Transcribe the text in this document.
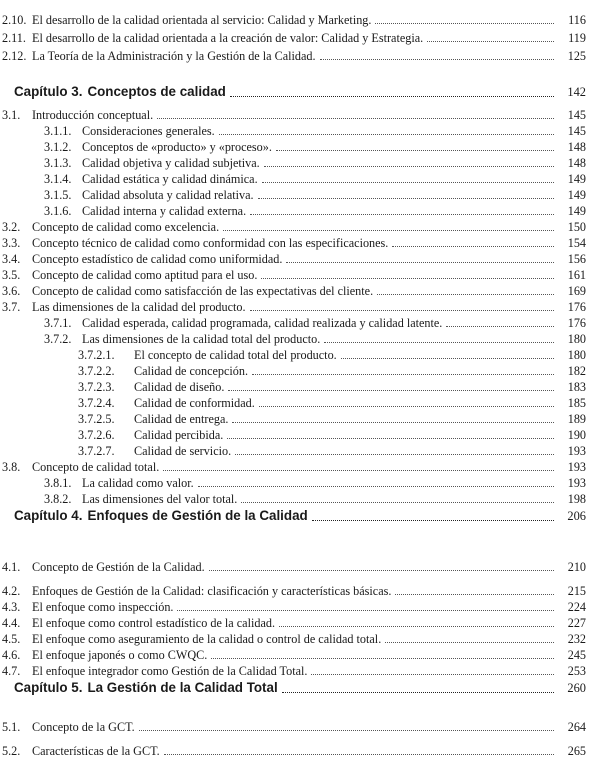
2.10. El desarrollo de la calidad orientada al servicio: Calidad y Marketing.	116
2.11. El desarrollo de la calidad orientada a la creación de valor: Calidad y Estrategia.	119
2.12. La Teoría de la Administración y la Gestión de la Calidad.	125
Capítulo 3. Conceptos de calidad	142
3.1. Introducción conceptual.	145
3.1.1. Consideraciones generales.	145
3.1.2. Conceptos de «producto» y «proceso».	148
3.1.3. Calidad objetiva y calidad subjetiva.	148
3.1.4. Calidad estática y calidad dinámica.	149
3.1.5. Calidad absoluta y calidad relativa.	149
3.1.6. Calidad interna y calidad externa.	149
3.2. Concepto de calidad como excelencia.	150
3.3. Concepto técnico de calidad como conformidad con las especificaciones.	154
3.4. Concepto estadístico de calidad como uniformidad.	156
3.5. Concepto de calidad como aptitud para el uso.	161
3.6. Concepto de calidad como satisfacción de las expectativas del cliente.	169
3.7. Las dimensiones de la calidad del producto.	176
3.7.1. Calidad esperada, calidad programada, calidad realizada y calidad latente.	176
3.7.2. Las dimensiones de la calidad total del producto.	180
3.7.2.1.	El concepto de calidad total del producto.	180
3.7.2.2.	Calidad de concepción.	182
3.7.2.3.	Calidad de diseño.	183
3.7.2.4.	Calidad de conformidad.	185
3.7.2.5.	Calidad de entrega.	189
3.7.2.6.	Calidad percibida.	190
3.7.2.7.	Calidad de servicio.	193
3.8. Concepto de calidad total.	193
3.8.1. La calidad como valor.	193
3.8.2. Las dimensiones del valor total.	198
Capítulo 4. Enfoques de Gestión de la Calidad	206
4.1. Concepto de Gestión de la Calidad.	210
4.2. Enfoques de Gestión de la Calidad: clasificación y características básicas.	215
4.3. El enfoque como inspección.	224
4.4. El enfoque como control estadístico de la calidad.	227
4.5. El enfoque como aseguramiento de la calidad o control de calidad total.	232
4.6. El enfoque japonés o como CWQC.	245
4.7. El enfoque integrador como Gestión de la Calidad Total.	253
Capítulo 5. La Gestión de la Calidad Total	260
5.1. Concepto de la GCT.	264
5.2. Características de la GCT.	265
